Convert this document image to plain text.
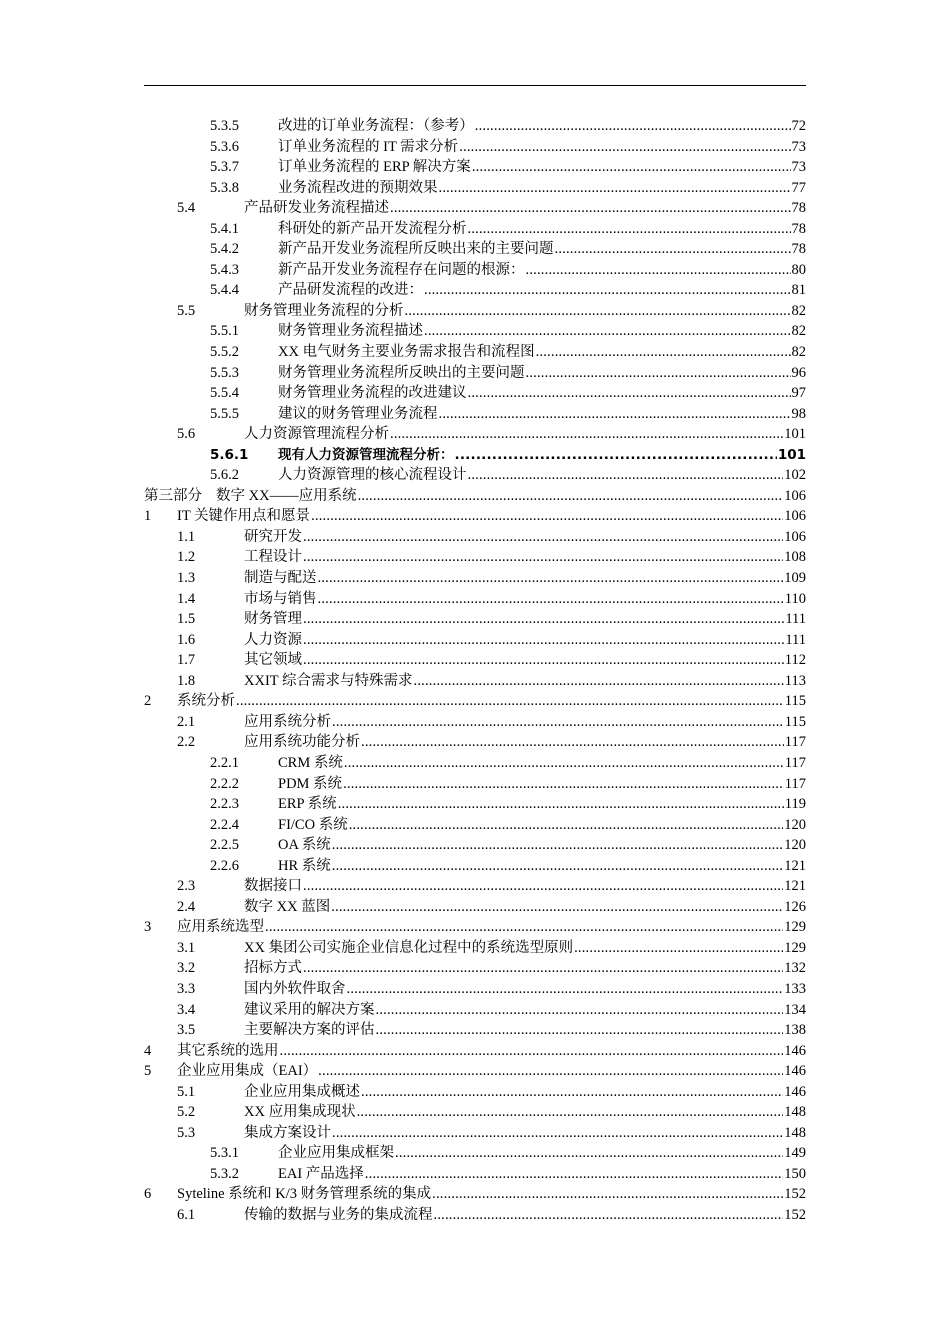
5.3.5	改进的订单业务流程：（参考） .....	72
5.3.6	订单业务流程的 IT 需求分析 .....	73
5.3.7	订单业务流程的 ERP 解决方案 .....	73
5.3.8	业务流程改进的预期效果 .....	77
5.4	产品研发业务流程描述 .....	78
5.4.1	科研处的新产品开发流程分析 .....	78
5.4.2	新产品开发业务流程所反映出来的主要问题 .....	78
5.4.3	新产品开发业务流程存在问题的根源： .....	80
5.4.4	产品研发流程的改进： .....	81
5.5	财务管理业务流程的分析 .....	82
5.5.1	财务管理业务流程描述 .....	82
5.5.2	XX 电气财务主要业务需求报告和流程图 .....	82
5.5.3	财务管理业务流程所反映出的主要问题 .....	96
5.5.4	财务管理业务流程的改进建议 .....	97
5.5.5	建议的财务管理业务流程 .....	98
5.6	人力资源管理流程分析 .....	101
5.6.1	现有人力资源管理流程分析： .....	101
5.6.2	人力资源管理的核心流程设计 .....	102
第三部分 数字 XX——应用系统 .....	106
1	IT 关键作用点和愿景 .....	106
1.1	研究开发 .....	106
1.2	工程设计 .....	108
1.3	制造与配送 .....	109
1.4	市场与销售 .....	110
1.5	财务管理 .....	111
1.6	人力资源 .....	111
1.7	其它领域 .....	112
1.8	XXIT 综合需求与特殊需求 .....	113
2	系统分析 .....	115
2.1	应用系统分析 .....	115
2.2	应用系统功能分析 .....	117
2.2.1	CRM 系统 .....	117
2.2.2	PDM 系统 .....	117
2.2.3	ERP 系统 .....	119
2.2.4	FI/CO 系统 .....	120
2.2.5	OA 系统 .....	120
2.2.6	HR 系统 .....	121
2.3	数据接口 .....	121
2.4	数字 XX 蓝图 .....	126
3	应用系统选型 .....	129
3.1	XX 集团公司实施企业信息化过程中的系统选型原则 .....	129
3.2	招标方式 .....	132
3.3	国内外软件取舍 .....	133
3.4	建议采用的解决方案 .....	134
3.5	主要解决方案的评估 .....	138
4	其它系统的选用 .....	146
5	企业应用集成（EAI） .....	146
5.1	企业应用集成概述 .....	146
5.2	XX 应用集成现状 .....	148
5.3	集成方案设计 .....	148
5.3.1	企业应用集成框架 .....	149
5.3.2	EAI 产品选择 .....	150
6	Syteline 系统和 K/3 财务管理系统的集成 .....	152
6.1	传输的数据与业务的集成流程 .....	152
